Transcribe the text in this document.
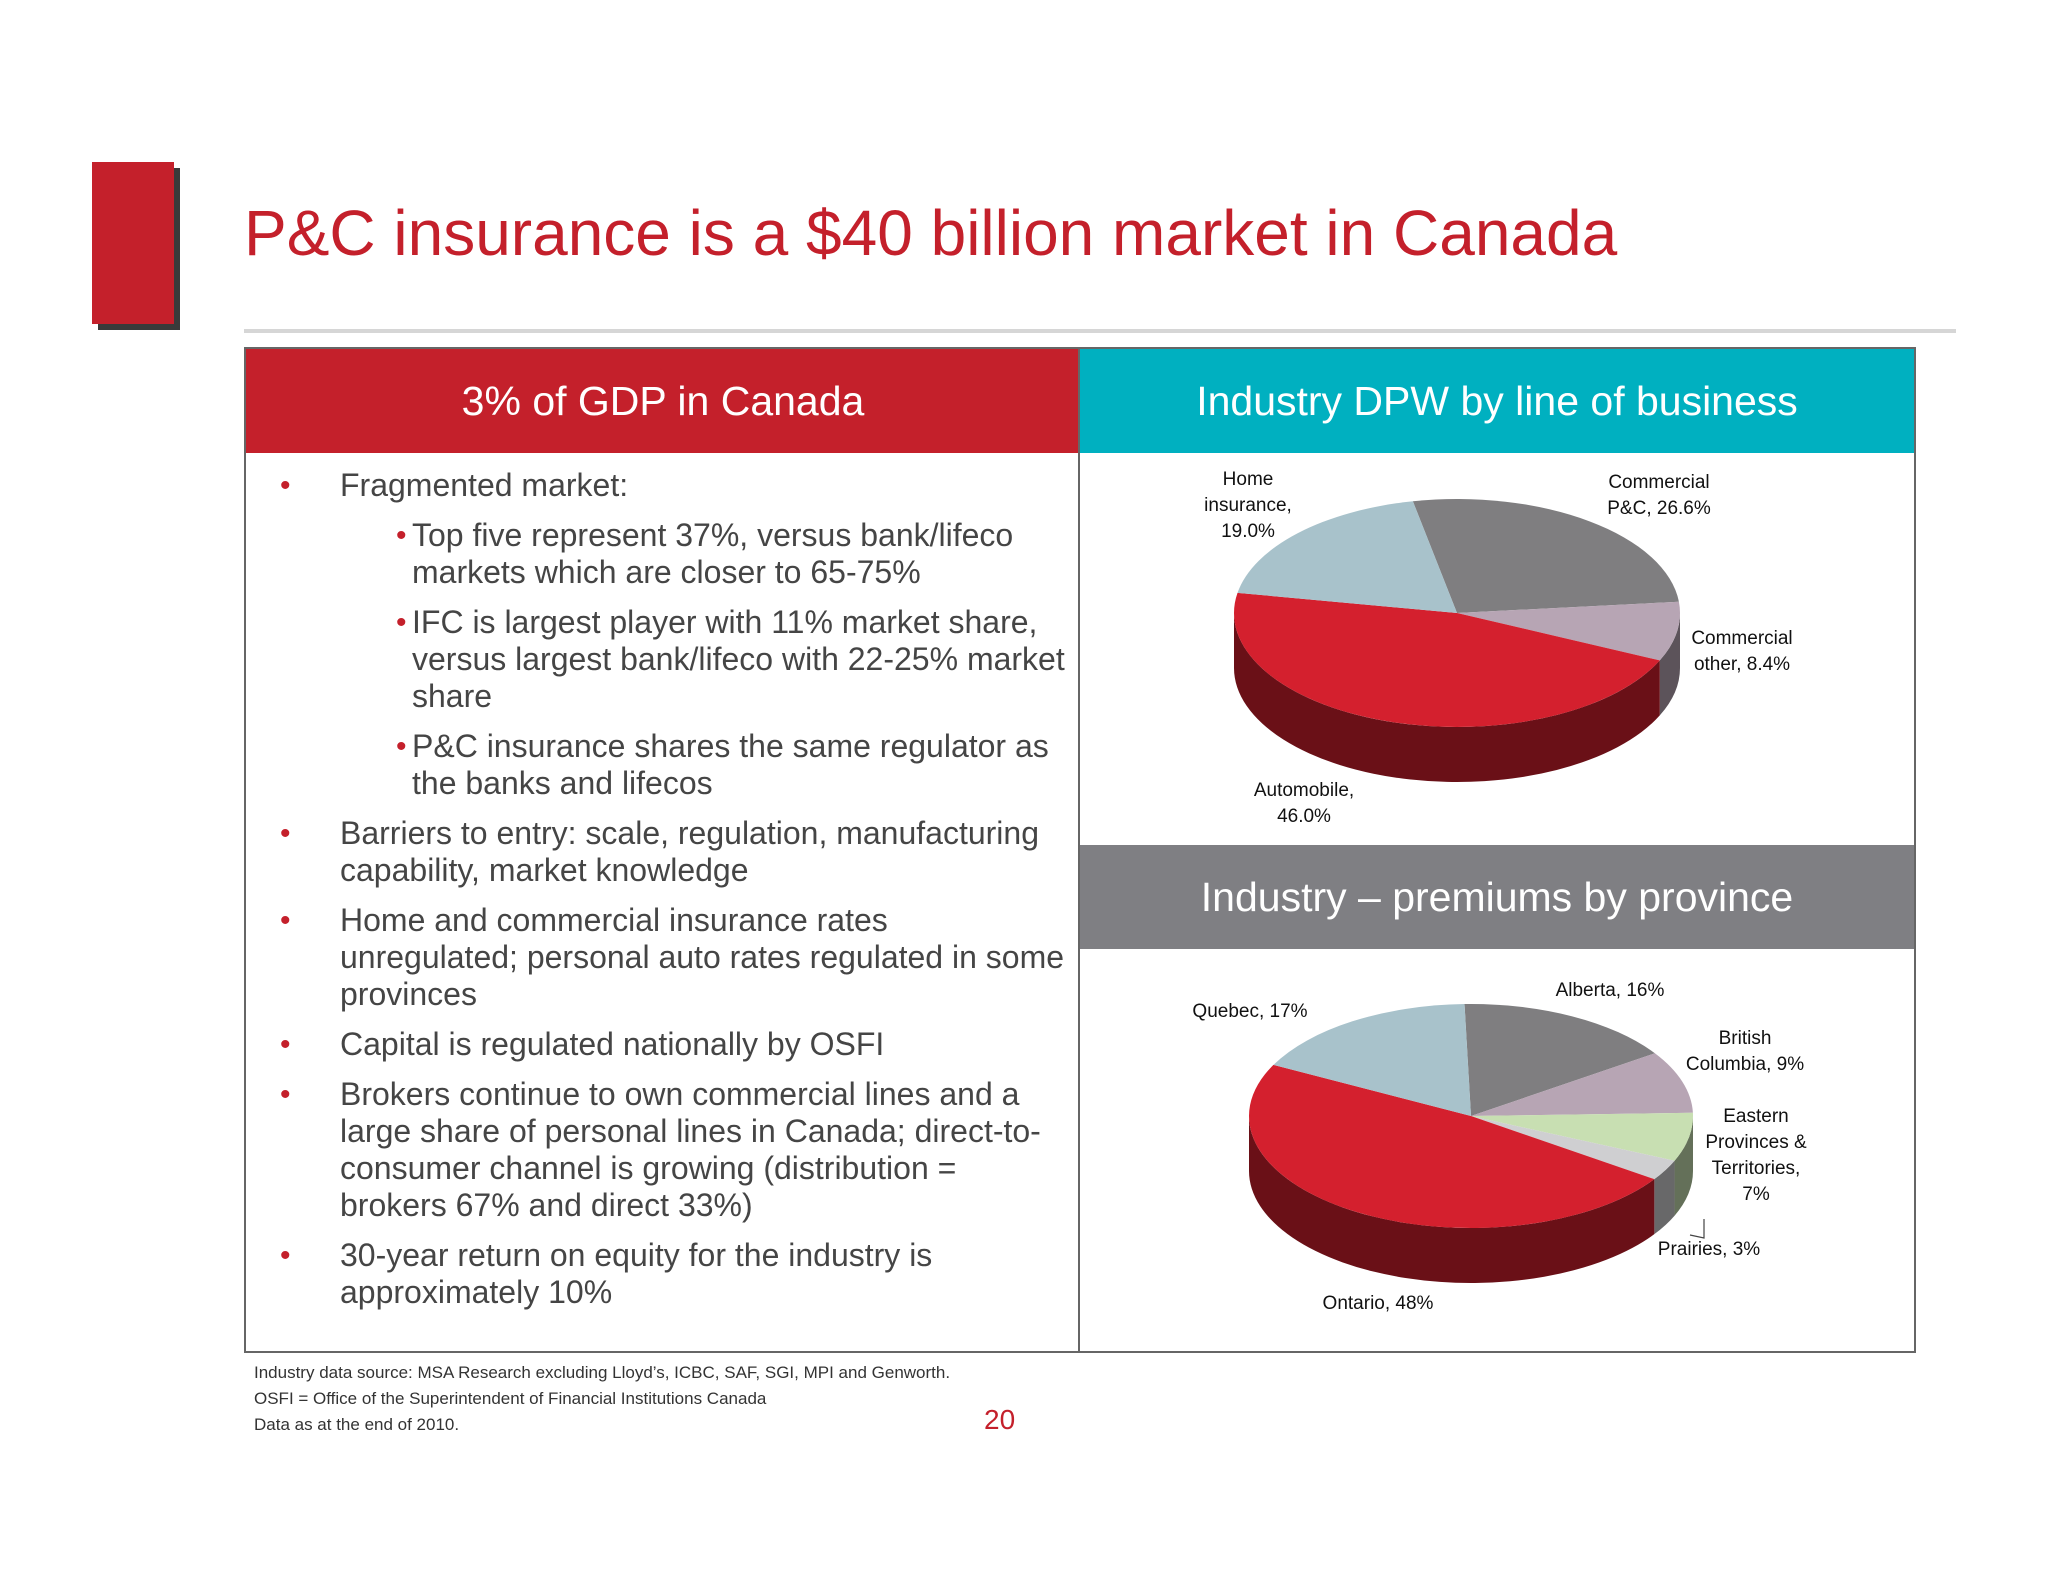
P&C insurance is a $40 billion market in Canada
3% of GDP in Canada
• Fragmented market:
• Top five represent 37%, versus bank/lifeco markets which are closer to 65-75%
• IFC is largest player with 11% market share, versus largest bank/lifeco with 22-25% market share
• P&C insurance shares the same regulator as the banks and lifecos
• Barriers to entry: scale, regulation, manufacturing capability, market knowledge
• Home and commercial insurance rates unregulated; personal auto rates regulated in some provinces
• Capital is regulated nationally by OSFI
• Brokers continue to own commercial lines and a large share of personal lines in Canada; direct-to-consumer channel is growing (distribution = brokers 67% and direct 33%)
• 30-year return on equity for the industry is approximately 10%
Industry DPW by line of business
Industry – premiums by province
Commercial P&C, 26.6%
Commercial other, 8.4%
Automobile, 46.0%
Home insurance, 19.0%
Alberta, 16%
British Columbia, 9%
Eastern Provinces & Territories, 7%
Prairies, 3%
Ontario, 48%
Quebec, 17%
Industry data source: MSA Research excluding Lloyd’s, ICBC, SAF, SGI, MPI and Genworth.
OSFI = Office of the Superintendent of Financial Institutions Canada
Data as at the end of 2010.	20
